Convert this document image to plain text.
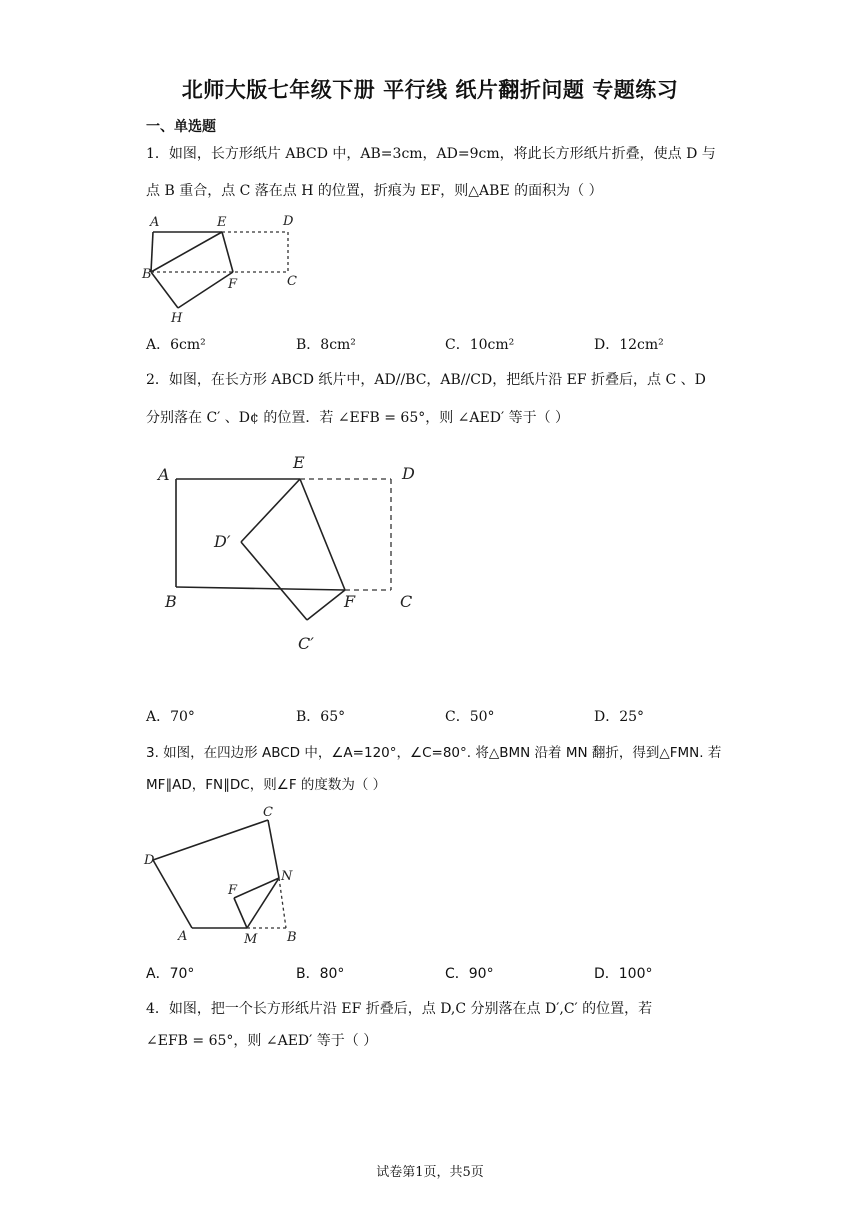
北师大版七年级下册 平行线 纸片翻折问题 专题练习
一、单选题
1．如图，长方形纸片 ABCD 中，AB=3cm，AD=9cm，将此长方形纸片折叠，使点 D 与
点 B 重合，点 C 落在点 H 的位置，折痕为 EF，则△ABE 的面积为（ ）
A	E	D
B
F	C
H
A．6cm²	B．8cm²	C．10cm²	D．12cm²
2．如图，在长方形 ABCD 纸片中，AD//BC，AB//CD，把纸片沿 EF 折叠后，点 C 、D
分别落在 C′ 、D¢ 的位置．若 ∠EFB = 65°，则 ∠AED′ 等于（ ）
A
E
D
D′
B	F	C
C′
A．70°	B．65°	C．50°	D．25°
3. 如图，在四边形 ABCD 中，∠A=120°，∠C=80°. 将△BMN 沿着 MN 翻折，得到△FMN. 若
MF∥AD，FN∥DC，则∠F 的度数为（ ）
C
D
F
N
A	M B
A．70°	B．80°	C．90°	D．100°
4．如图，把一个长方形纸片沿 EF 折叠后，点 D,C 分别落在点 D′,C′ 的位置，若
∠EFB = 65°，则 ∠AED′ 等于（ ）
试卷第1页，共5页
